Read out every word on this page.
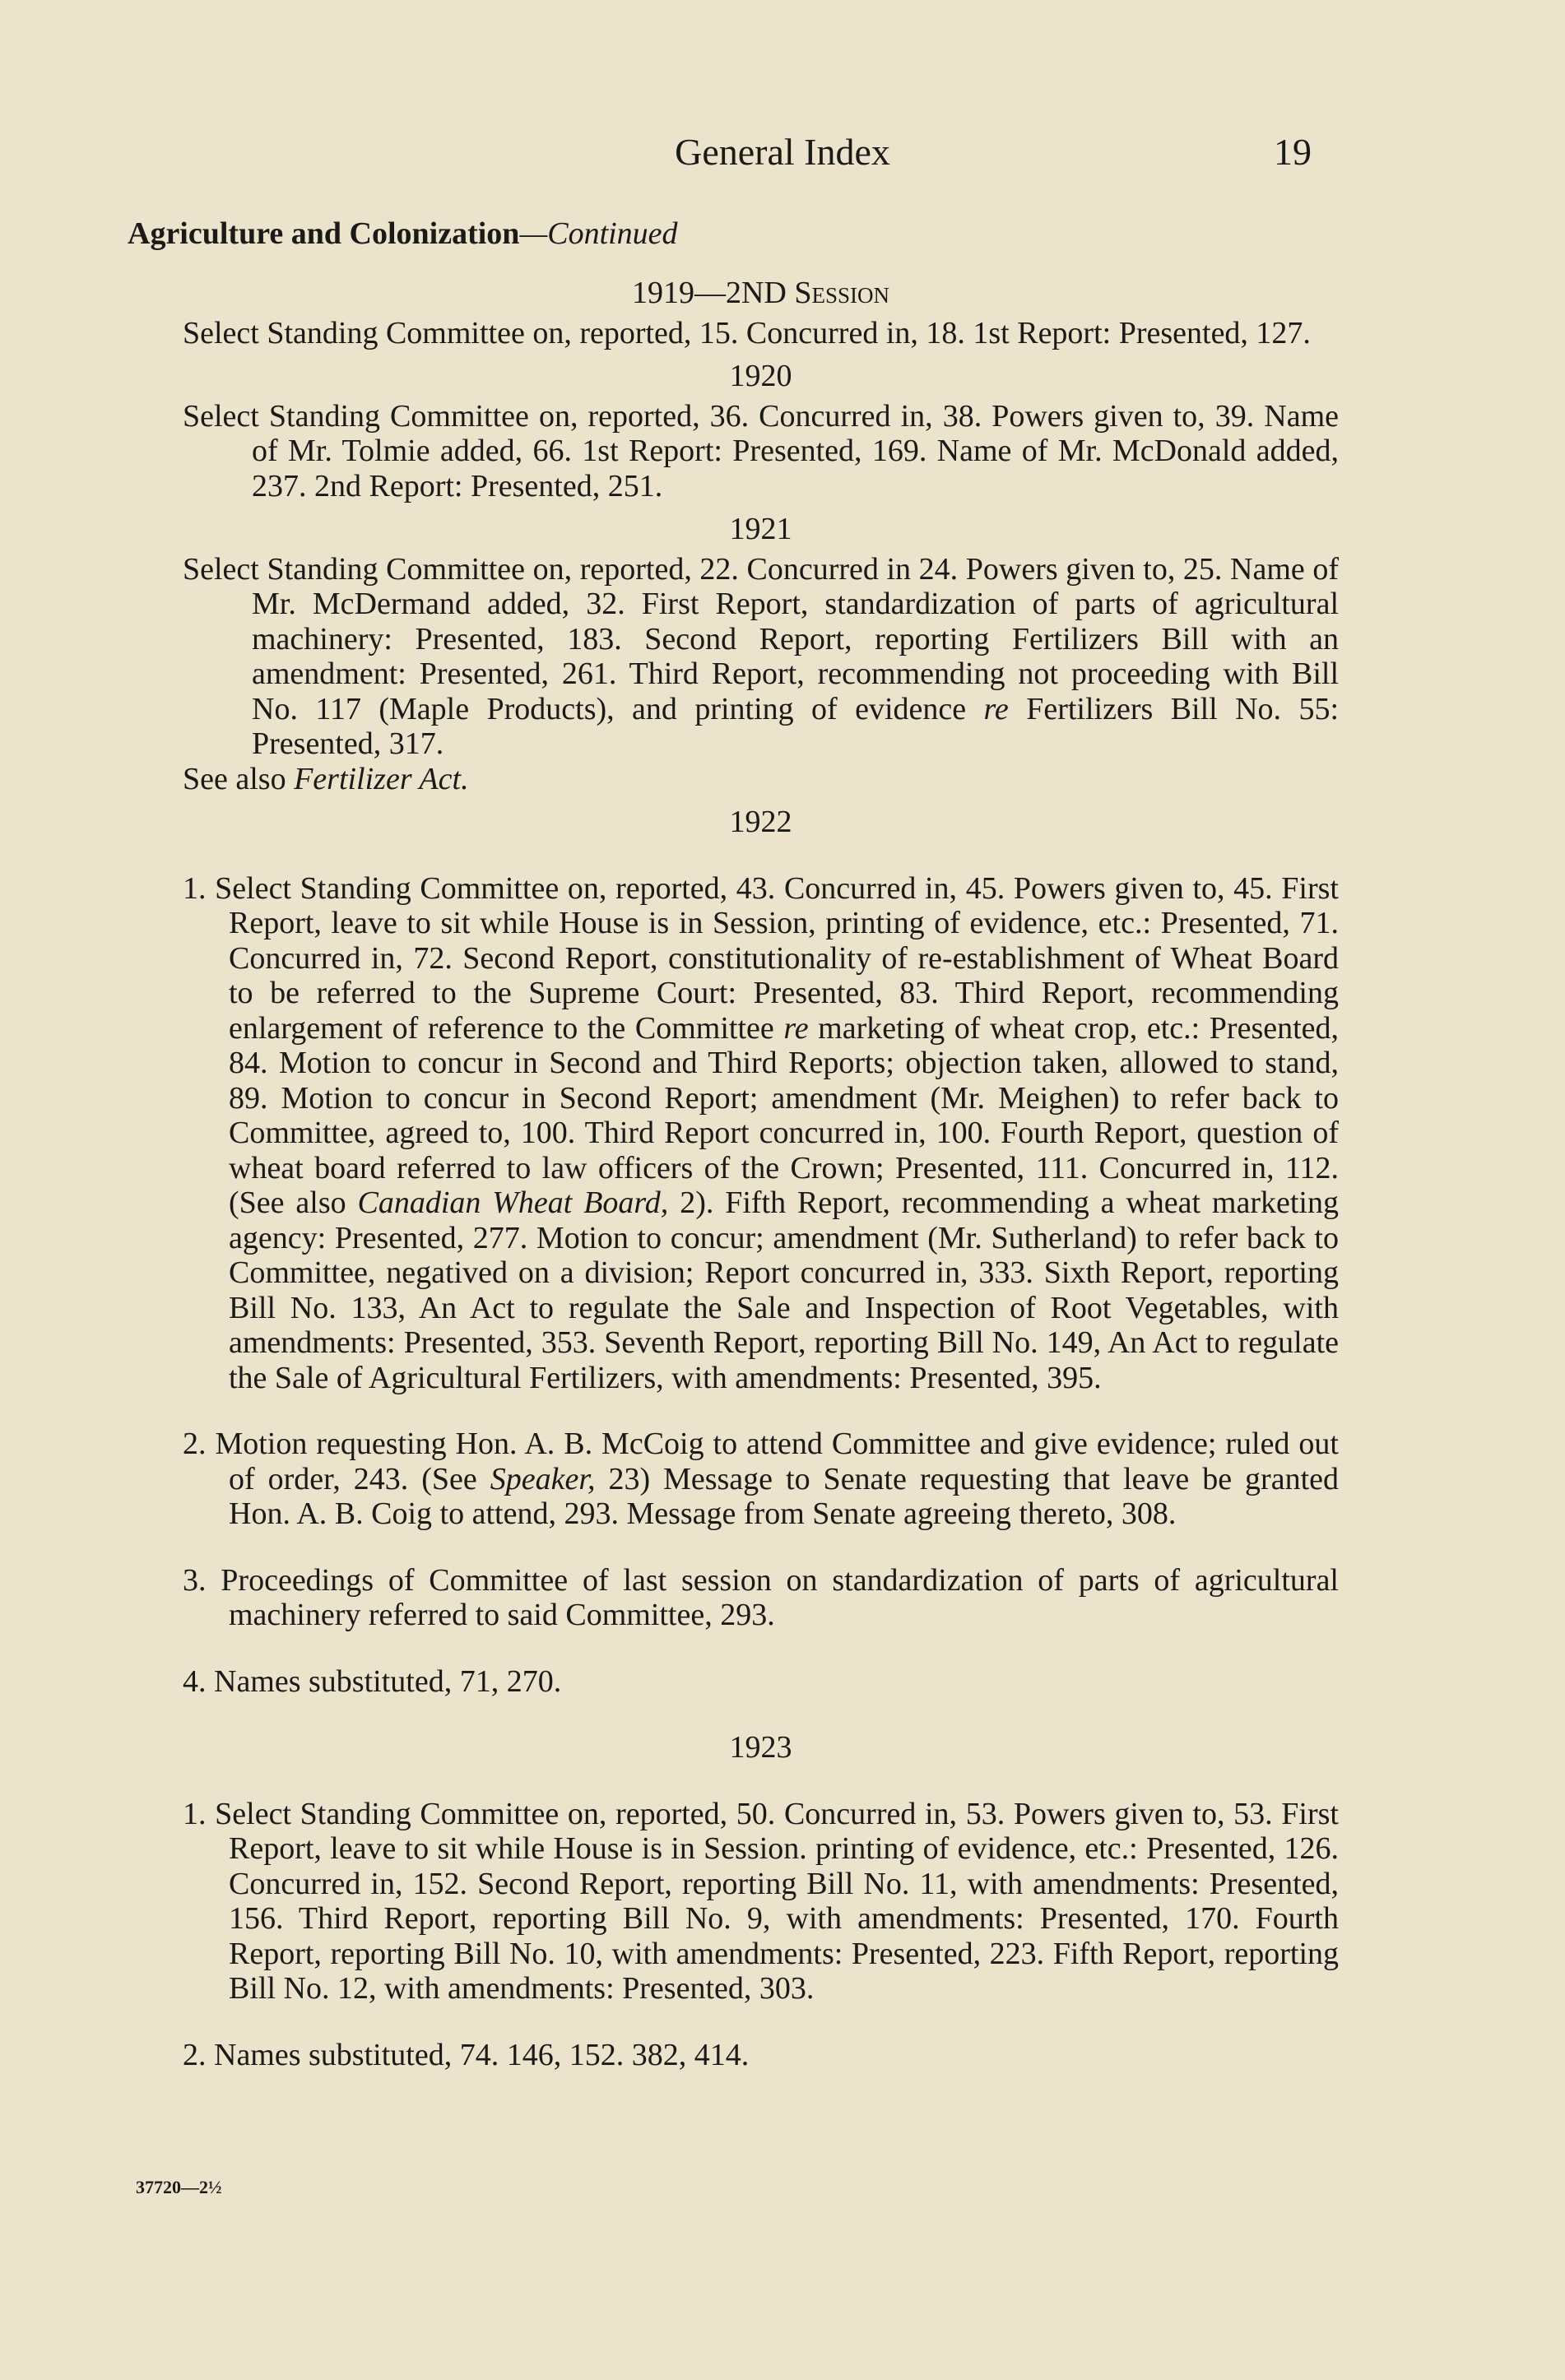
General Index	19
Agriculture and Colonization—Continued
1919—2ND Session

Select Standing Committee on, reported, 15. Concurred in, 18. 1st Report: Presented, 127.

1920

Select Standing Committee on, reported, 36. Concurred in, 38. Powers given to, 39. Name of Mr. Tolmie added, 66. 1st Report: Presented, 169. Name of Mr. McDonald added, 237. 2nd Report: Presented, 251.

1921

Select Standing Committee on, reported, 22. Concurred in 24. Powers given to, 25. Name of Mr. McDermand added, 32. First Report, standardization of parts of agricultural machinery: Presented, 183. Second Report, reporting Fertilizers Bill with an amendment: Presented, 261. Third Report, recommending not proceeding with Bill No. 117 (Maple Products), and printing of evidence re Fertilizers Bill No. 55: Presented, 317.

See also Fertilizer Act.

1922

1. Select Standing Committee on, reported, 43. Concurred in, 45. Powers given to, 45. First Report, leave to sit while House is in Session, printing of evidence, etc.: Presented, 71. Concurred in, 72. Second Report, constitutionality of re-establishment of Wheat Board to be referred to the Supreme Court: Presented, 83. Third Report, recommending enlargement of reference to the Committee re marketing of wheat crop, etc.: Presented, 84. Motion to concur in Second and Third Reports; objection taken, allowed to stand, 89. Motion to concur in Second Report; amendment (Mr. Meighen) to refer back to Committee, agreed to, 100. Third Report concurred in, 100. Fourth Report, question of wheat board referred to law officers of the Crown; Presented, 111. Concurred in, 112. (See also Canadian Wheat Board, 2). Fifth Report, recommending a wheat marketing agency: Presented, 277. Motion to concur; amendment (Mr. Sutherland) to refer back to Committee, negatived on a division; Report concurred in, 333. Sixth Report, reporting Bill No. 133, An Act to regulate the Sale and Inspection of Root Vegetables, with amendments: Presented, 353. Seventh Report, reporting Bill No. 149, An Act to regulate the Sale of Agricultural Fertilizers, with amendments: Presented, 395.

2. Motion requesting Hon. A. B. McCoig to attend Committee and give evidence; ruled out of order, 243. (See Speaker, 23) Message to Senate requesting that leave be granted Hon. A. B. Coig to attend, 293. Message from Senate agreeing thereto, 308.

3. Proceedings of Committee of last session on standardization of parts of agricultural machinery referred to said Committee, 293.

4. Names substituted, 71, 270.

1923

1. Select Standing Committee on, reported, 50. Concurred in, 53. Powers given to, 53. First Report, leave to sit while House is in Session. printing of evidence, etc.: Presented, 126. Concurred in, 152. Second Report, reporting Bill No. 11, with amendments: Presented, 156. Third Report, reporting Bill No. 9, with amendments: Presented, 170. Fourth Report, reporting Bill No. 10, with amendments: Presented, 223. Fifth Report, reporting Bill No. 12, with amendments: Presented, 303.

2. Names substituted, 74. 146, 152. 382, 414.

37720—2½
